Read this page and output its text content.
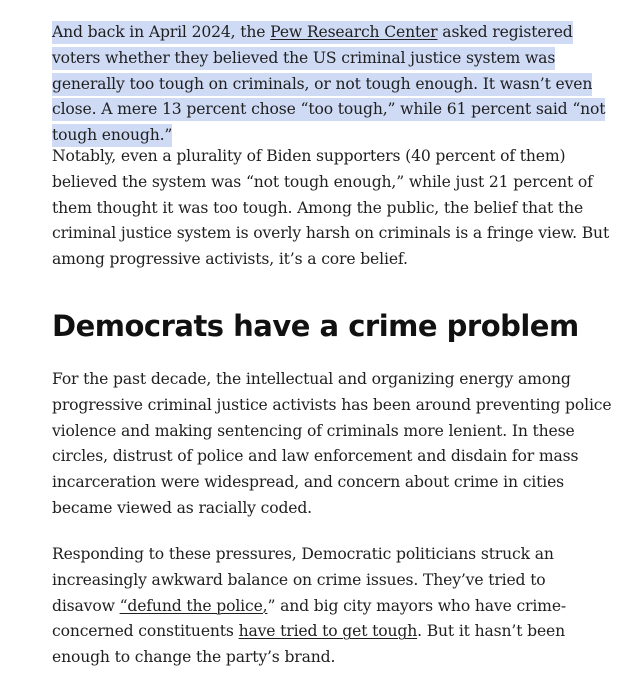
And back in April 2024, the Pew Research Center asked registered voters whether they believed the US criminal justice system was generally too tough on criminals, or not tough enough. It wasn’t even close. A mere 13 percent chose “too tough,” while 61 percent said “not tough enough.”

Notably, even a plurality of Biden supporters (40 percent of them) believed the system was “not tough enough,” while just 21 percent of them thought it was too tough. Among the public, the belief that the criminal justice system is overly harsh on criminals is a fringe view. But among progressive activists, it’s a core belief.

Democrats have a crime problem

For the past decade, the intellectual and organizing energy among progressive criminal justice activists has been around preventing police violence and making sentencing of criminals more lenient. In these circles, distrust of police and law enforcement and disdain for mass incarceration were widespread, and concern about crime in cities became viewed as racially coded.

Responding to these pressures, Democratic politicians struck an increasingly awkward balance on crime issues. They’ve tried to disavow “defund the police,” and big city mayors who have crime-concerned constituents have tried to get tough. But it hasn’t been enough to change the party’s brand.
